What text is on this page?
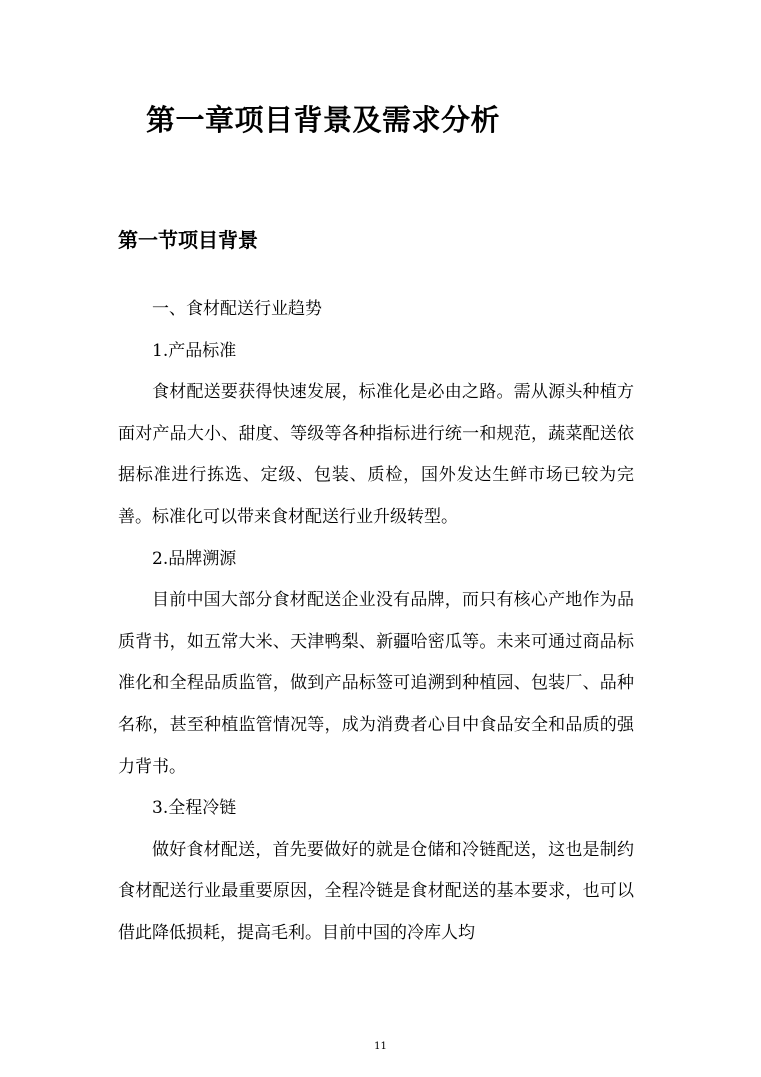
第一章项目背景及需求分析
第一节项目背景

一、食材配送行业趋势

1.产品标准

食材配送要获得快速发展，标准化是必由之路。需从源头种植方面对产品大小、甜度、等级等各种指标进行统一和规范，蔬菜配送依据标准进行拣选、定级、包装、质检，国外发达生鲜市场已较为完善。标准化可以带来食材配送行业升级转型。

2.品牌溯源

目前中国大部分食材配送企业没有品牌，而只有核心产地作为品质背书，如五常大米、天津鸭梨、新疆哈密瓜等。未来可通过商品标准化和全程品质监管，做到产品标签可追溯到种植园、包装厂、品种名称，甚至种植监管情况等，成为消费者心目中食品安全和品质的强力背书。

3.全程冷链

做好食材配送，首先要做好的就是仓储和冷链配送，这也是制约食材配送行业最重要原因，全程冷链是食材配送的基本要求，也可以借此降低损耗，提高毛利。目前中国的冷库人均

11
